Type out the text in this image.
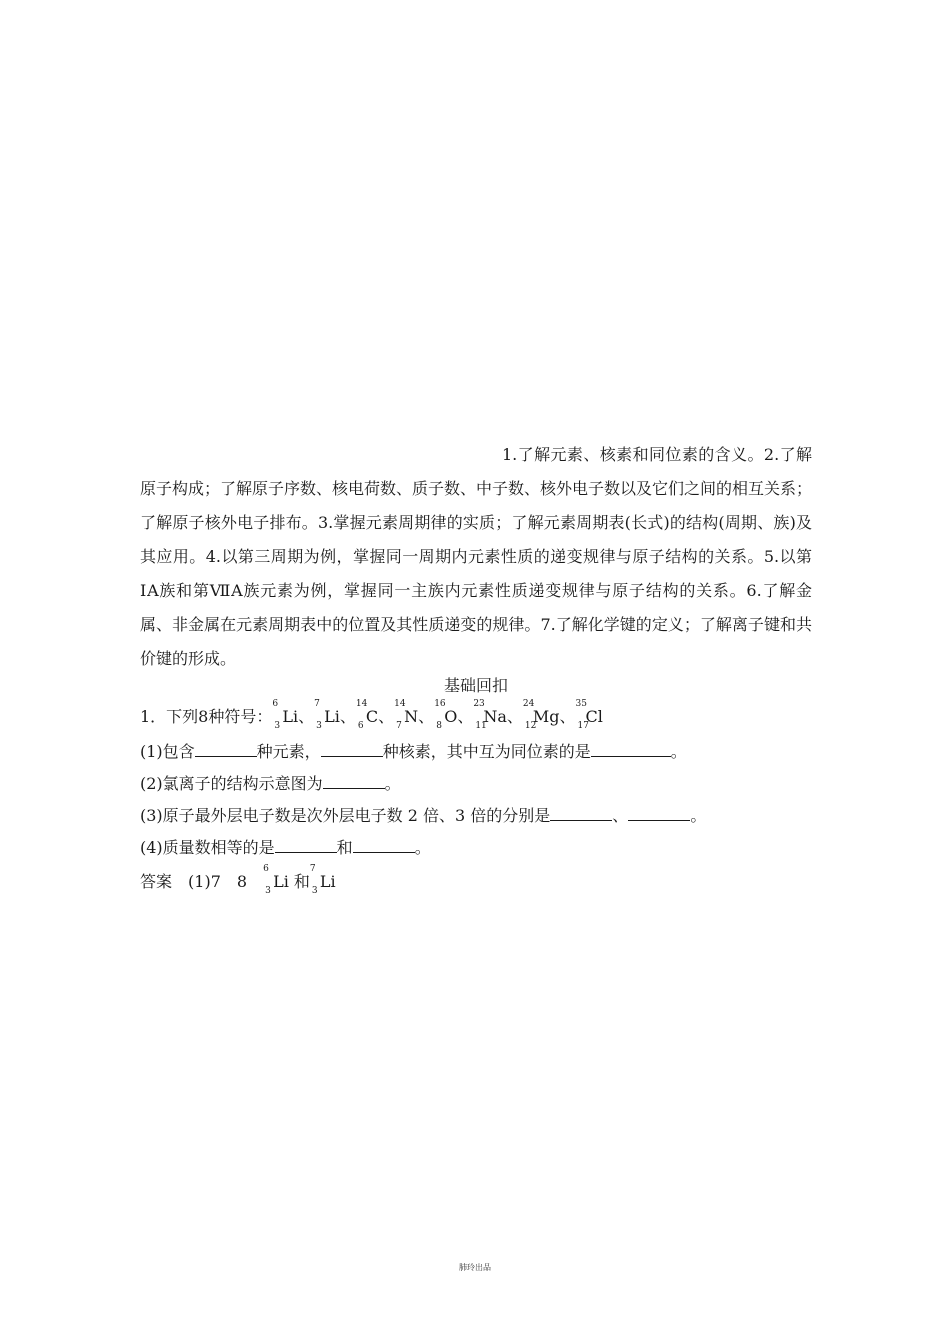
1.了解元素、核素和同位素的含义。2.了解原子构成；了解原子序数、核电荷数、质子数、中子数、核外电子数以及它们之间的相互关系；了解原子核外电子排布。3.掌握元素周期律的实质；了解元素周期表(长式)的结构(周期、族)及其应用。4.以第三周期为例，掌握同一周期内元素性质的递变规律与原子结构的关系。5.以第ⅠA族和第ⅦA族元素为例，掌握同一主族内元素性质递变规律与原子结构的关系。6.了解金属、非金属在元素周期表中的位置及其性质递变的规律。7.了解化学键的定义；了解离子键和共价键的形成。
基础回扣
1．下列8种符号：
6
3 Li、
7
3 Li、
14
6 C、
14
7 N、
16
8 O、
23
11
Na、
24
12
Mg、
35
17
Cl
(1)包含	种元素，	种核素，其中互为同位素的是	。
(2)氯离子的结构示意图为	。
(3)原子最外层电子数是次外层电子数 2 倍、3 倍的分别是	、	。
(4)质量数相等的是	和	。
答案　 (1)7　8　
6
3 Li 和
7
3 Li
肺玲出品
